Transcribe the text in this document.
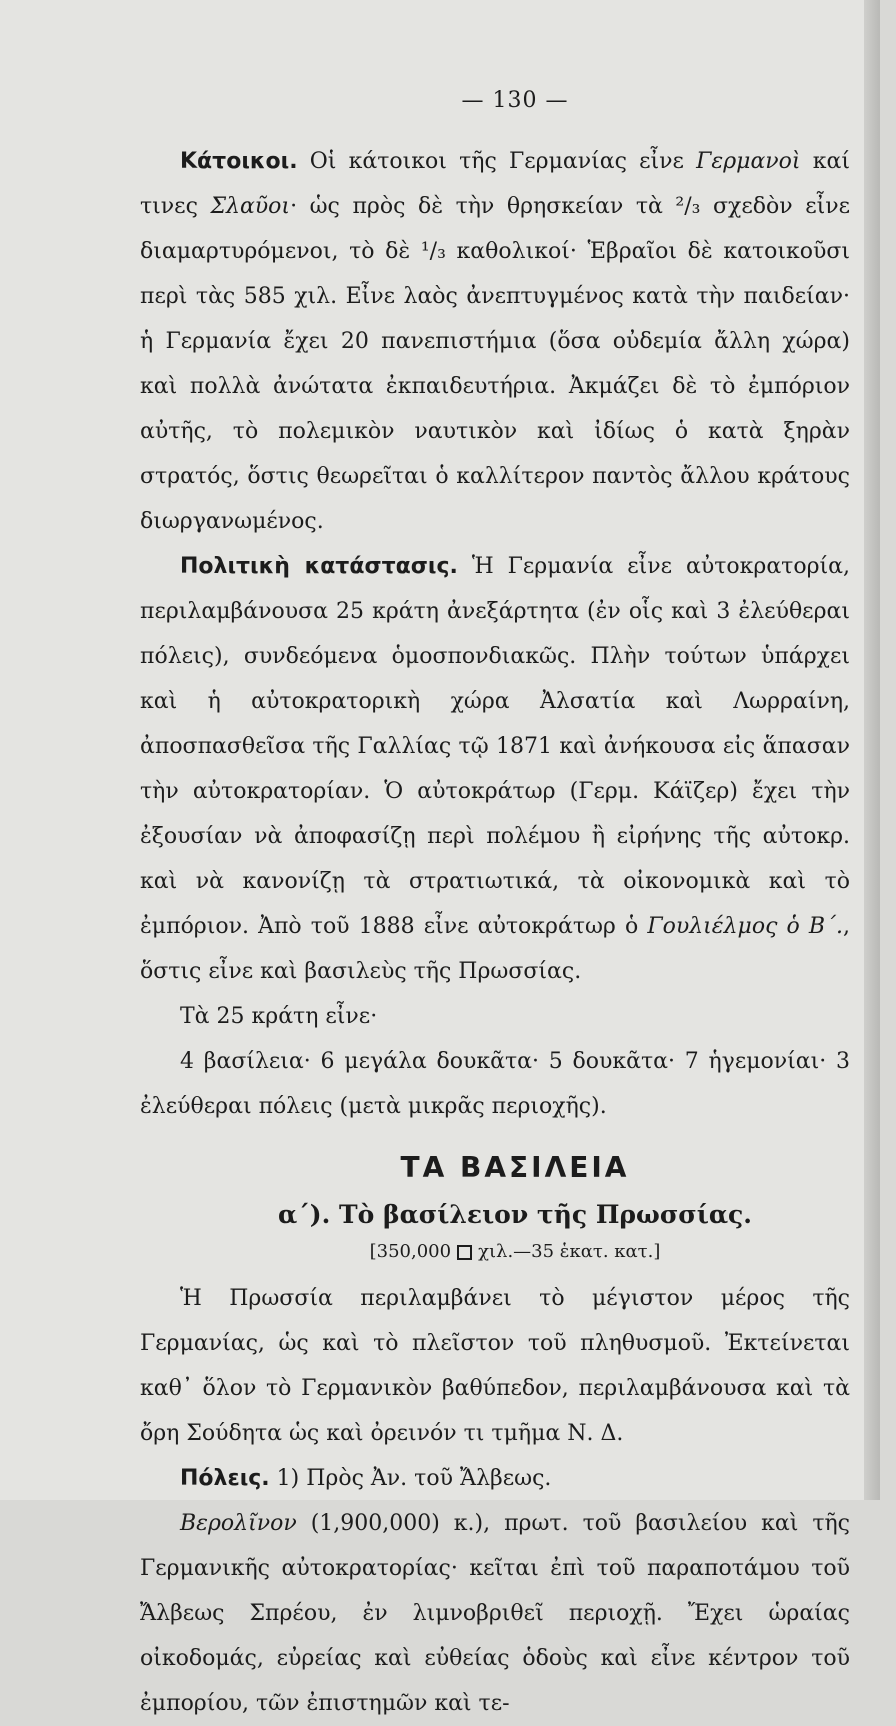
— 130 —

Κάτοικοι. Οἱ κάτοικοι τῆς Γερμανίας εἶνε Γερμανοὶ καί τινες Σλαῦοι· ὡς πρὸς δὲ τὴν θρησκείαν τὰ ²/₃ σχεδὸν εἶνε διαμαρτυρόμενοι, τὸ δὲ ¹/₃ καθολικοί· Ἑβραῖοι δὲ κατοικοῦσι περὶ τὰς 585 χιλ. Εἶνε λαὸς ἀνεπτυγμένος κατὰ τὴν παιδείαν· ἡ Γερμανία ἔχει 20 πανεπιστήμια (ὅσα οὐδεμία ἄλλη χώρα) καὶ πολλὰ ἀνώτατα ἐκπαιδευτήρια. Ἀκμάζει δὲ τὸ ἐμπόριον αὐτῆς, τὸ πολεμικὸν ναυτικὸν καὶ ἰδίως ὁ κατὰ ξηρὰν στρατός, ὅστις θεωρεῖται ὁ καλλίτερον παντὸς ἄλλου κράτους διωργανωμένος.

Πολιτικὴ κατάστασις. Ἡ Γερμανία εἶνε αὐτοκρατορία, περιλαμβάνουσα 25 κράτη ἀνεξάρτητα (ἐν οἷς καὶ 3 ἐλεύθεραι πόλεις), συνδεόμενα ὁμοσπονδιακῶς. Πλὴν τούτων ὑπάρχει καὶ ἡ αὐτοκρατορικὴ χώρα Ἀλσατία καὶ Λωρραίνη, ἀποσπασθεῖσα τῆς Γαλλίας τῷ 1871 καὶ ἀνήκουσα εἰς ἅπασαν τὴν αὐτοκρατορίαν. Ὁ αὐτοκράτωρ (Γερμ. Κάϊζερ) ἔχει τὴν ἐξουσίαν νὰ ἀποφασίζῃ περὶ πολέμου ἢ εἰρήνης τῆς αὐτοκρ. καὶ νὰ κανονίζῃ τὰ στρατιωτικά, τὰ οἰκονομικὰ καὶ τὸ ἐμπόριον. Ἀπὸ τοῦ 1888 εἶνε αὐτοκράτωρ ὁ Γουλιέλμος ὁ Β΄., ὅστις εἶνε καὶ βασιλεὺς τῆς Πρωσσίας.

Τὰ 25 κράτη εἶνε·

4 βασίλεια· 6 μεγάλα δουκᾶτα· 5 δουκᾶτα· 7 ἡγεμονίαι· 3 ἐλεύθεραι πόλεις (μετὰ μικρᾶς περιοχῆς).

ΤΑ ΒΑΣΙΛΕΙΑ
α΄). Τὸ βασίλειον τῆς Πρωσσίας.

[350,000 χιλ.—35 ἑκατ. κατ.]

Ἡ Πρωσσία περιλαμβάνει τὸ μέγιστον μέρος τῆς Γερμανίας, ὡς καὶ τὸ πλεῖστον τοῦ πληθυσμοῦ. Ἐκτείνεται καθ᾿ ὅλον τὸ Γερμανικὸν βαθύπεδον, περιλαμβάνουσα καὶ τὰ ὄρη Σούδητα ὡς καὶ ὀρεινόν τι τμῆμα Ν. Δ.

Πόλεις. 1) Πρὸς Ἀν. τοῦ Ἄλβεως.

Βερολῖνον (1,900,000) κ.), πρωτ. τοῦ βασιλείου καὶ τῆς Γερμανικῆς αὐτοκρατορίας· κεῖται ἐπὶ τοῦ παραποτάμου τοῦ Ἄλβεως Σπρέου, ἐν λιμνοβριθεῖ περιοχῇ. Ἔχει ὡραίας οἰκοδομάς, εὐρείας καὶ εὐθείας ὁδοὺς καὶ εἶνε κέντρον τοῦ ἐμπορίου, τῶν ἐπιστημῶν καὶ τε-
